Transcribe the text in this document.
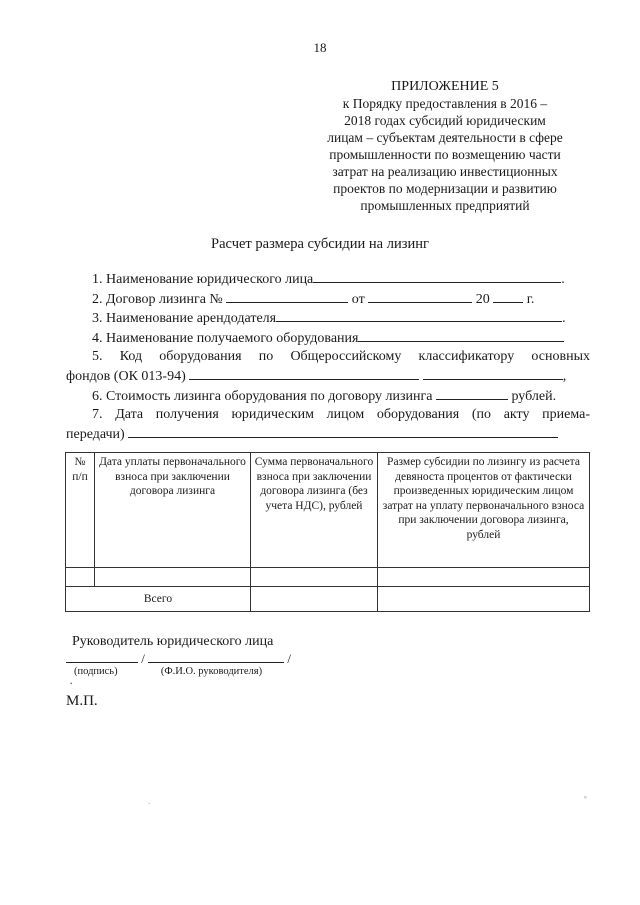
18
ПРИЛОЖЕНИЕ 5
к Порядку предоставления в 2016 –
2018 годах субсидий юридическим
лицам – субъектам деятельности в сфере
промышленности по возмещению части
затрат на реализацию инвестиционных
проектов по модернизации и развитию
промышленных предприятий
Расчет размера субсидии на лизинг

1. Наименование юридического лица	.

2. Договор лизинга №	от	20	г.

3. Наименование арендодателя	.

4. Наименование получаемого оборудования

5. Код оборудования по Общероссийскому классификатору основных

фондов (ОК 013-94)	,

6. Стоимость лизинга оборудования по договору лизинга	рублей.

7. Дата получения юридическим лицом оборудования (по акту приема-

передачи)

№ п/п	Дата уплаты первоначального взноса при заключении договора лизинга	Сумма первоначального взноса при заключении договора лизинга (без учета НДС), рублей	Размер субсидии по лизингу из расчета девяноста процентов от фактически произведенных юридическим лицом затрат на уплату первоначального взноса при заключении договора лизинга, рублей

Всего			
Руководитель юридического лица
/	/
(подпись)	(Ф.И.О. руководителя)
•
М.П.
·
°
